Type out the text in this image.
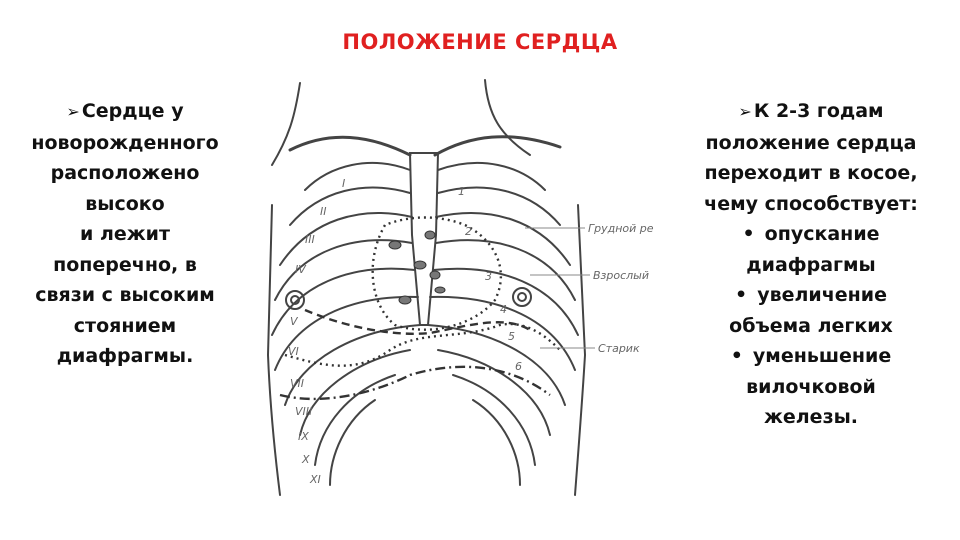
ПОЛОЖЕНИЕ СЕРДЦА
➢ Сердце у
новорожденного
расположено
высоко
и лежит
поперечно, в
связи с высоким
стоянием
диафрагмы.
➢ К 2-3 годам
положение сердца
переходит в косое,
чему способствует:
• опускание
диафрагмы
• увеличение
объема легких
• уменьшение
вилочковой
железы.
Грудной ре
Взрослый
Старик
I
II
III
IV
V
VI
VII
VIII
IX
X
XI
1
2
3
4
5
6
